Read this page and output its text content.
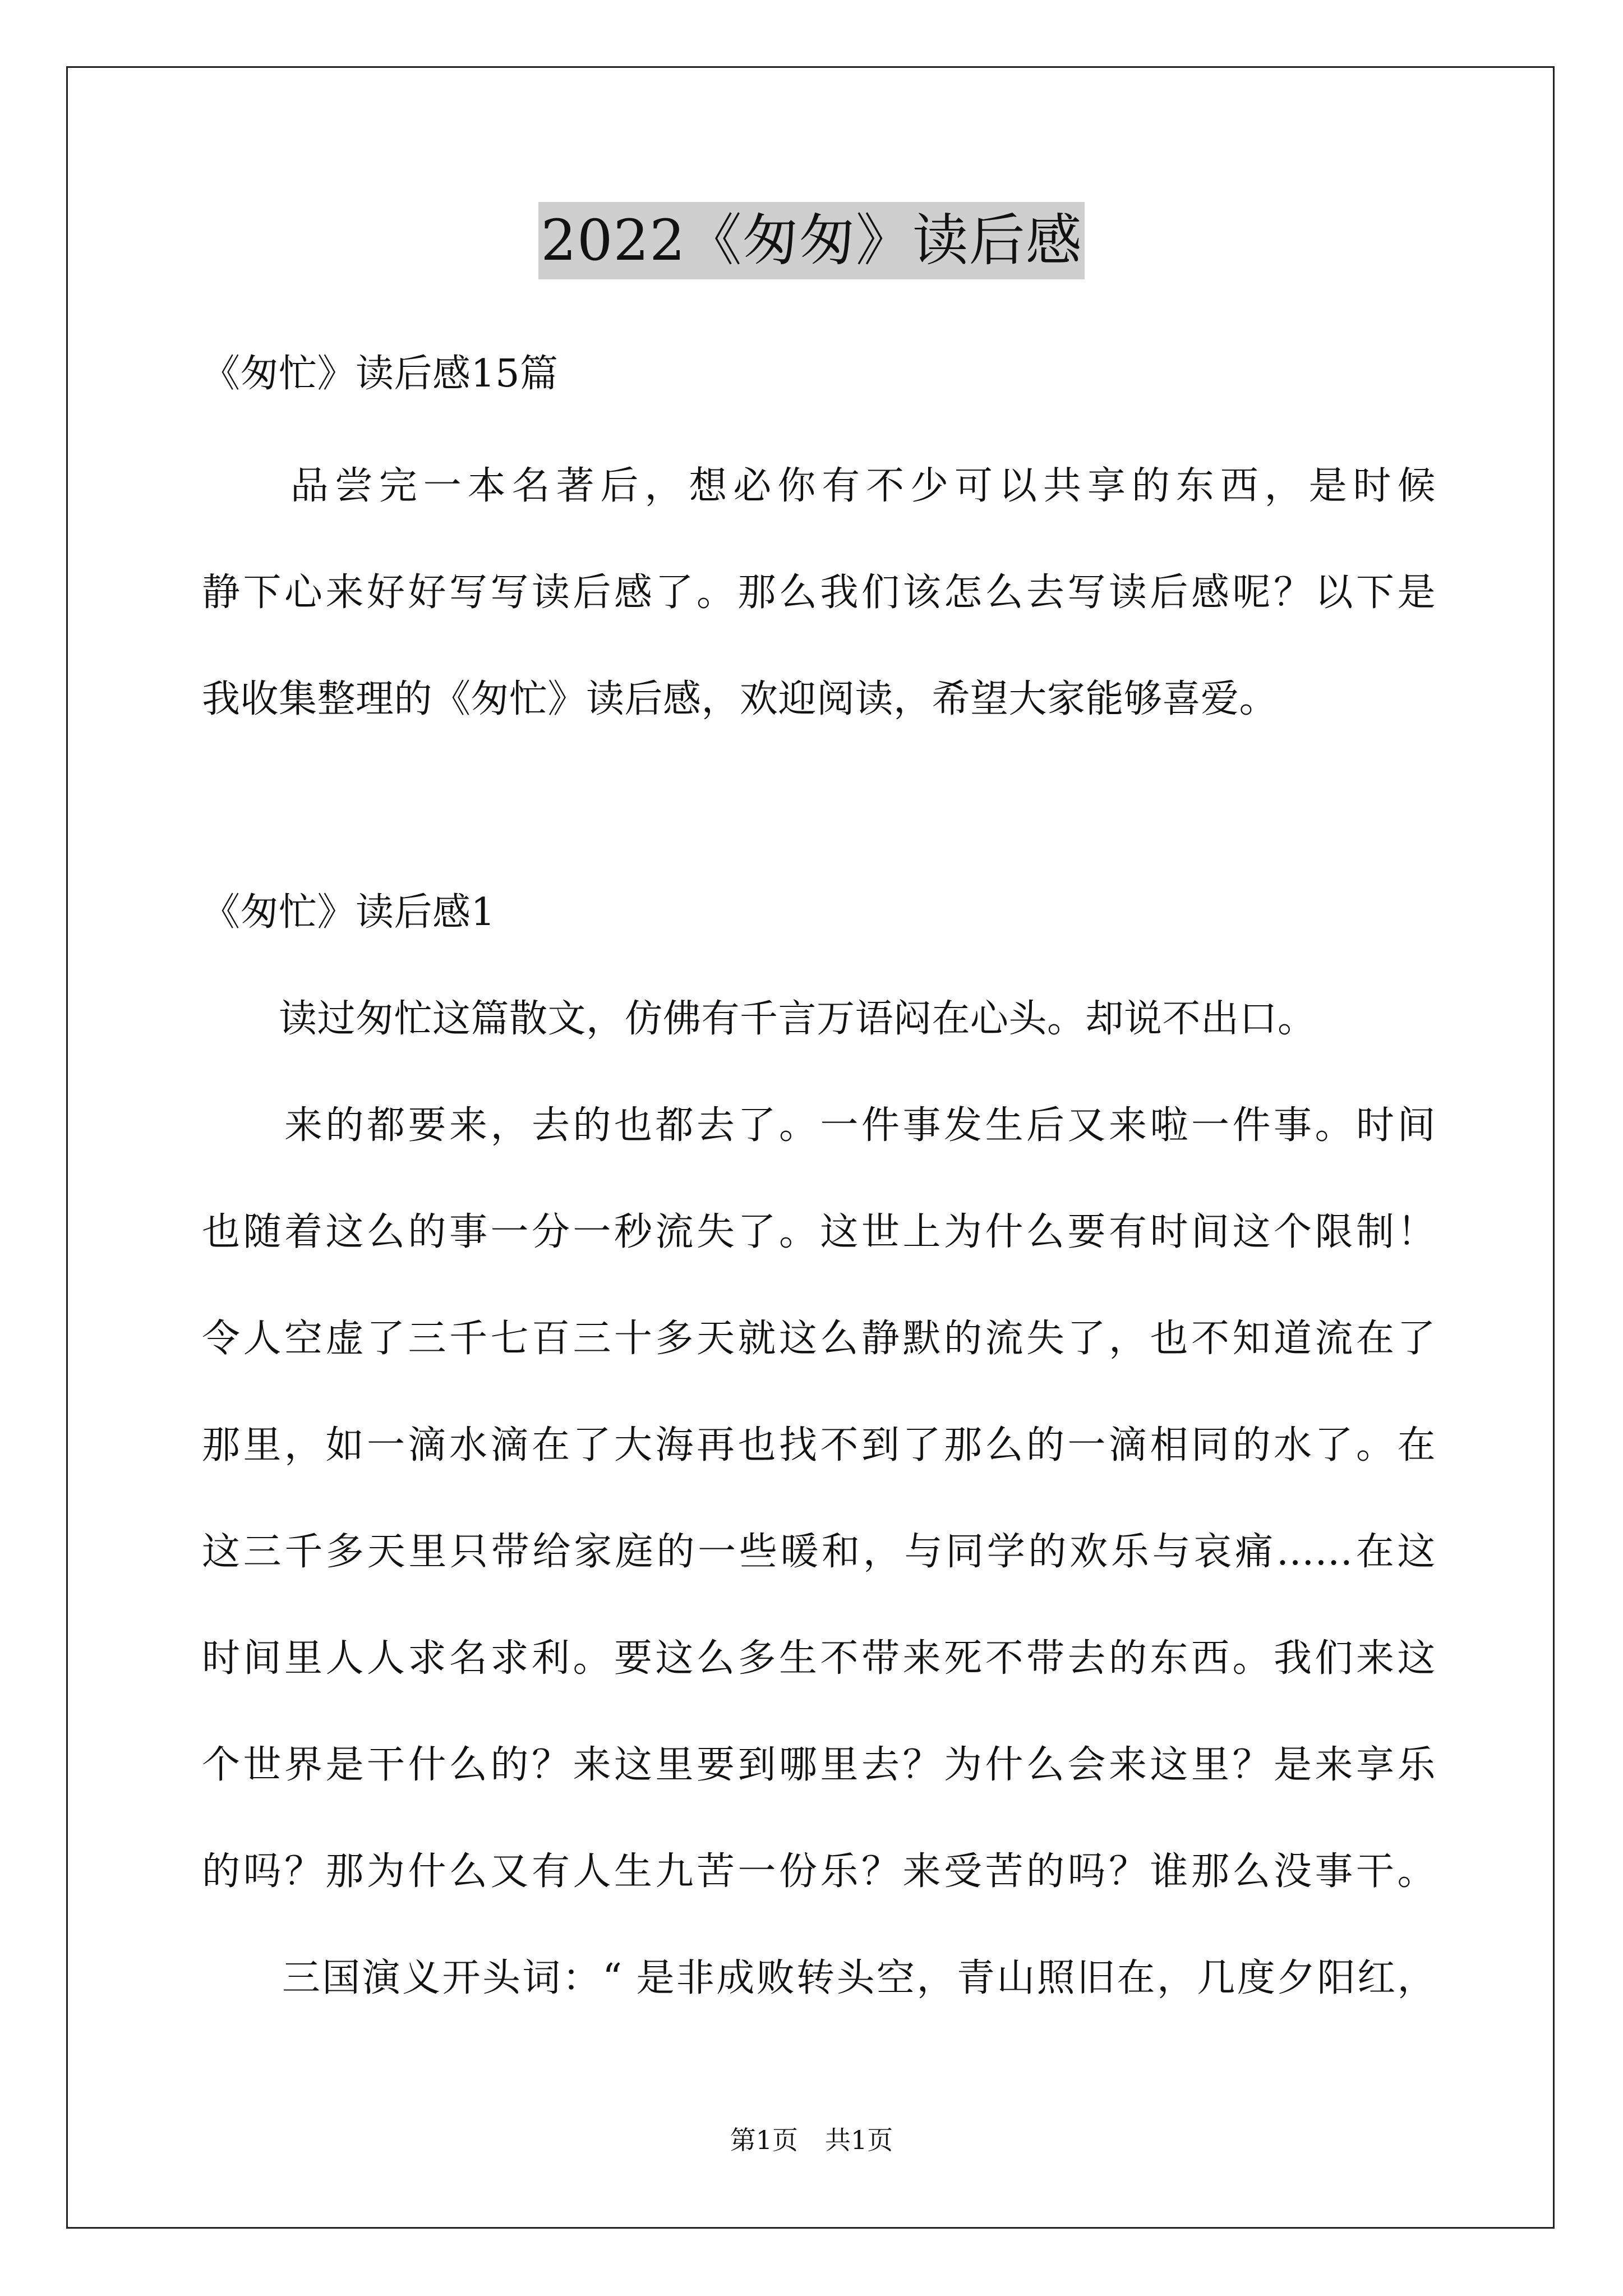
2022《匆匆》读后感
《匆忙》读后感15篇
　　品尝完一本名著后，想必你有不少可以共享的东西，是时候
静下心来好好写写读后感了。那么我们该怎么去写读后感呢？以下是
我收集整理的《匆忙》读后感，欢迎阅读，希望大家能够喜爱。
《匆忙》读后感1
　　读过匆忙这篇散文，仿佛有千言万语闷在心头。却说不出口。
　　来的都要来，去的也都去了。一件事发生后又来啦一件事。时间
也随着这么的事一分一秒流失了。这世上为什么要有时间这个限制！
令人空虚了三千七百三十多天就这么静默的流失了，也不知道流在了
那里，如一滴水滴在了大海再也找不到了那么的一滴相同的水了。在
这三千多天里只带给家庭的一些暖和，与同学的欢乐与哀痛……在这
时间里人人求名求利。要这么多生不带来死不带去的东西。我们来这
个世界是干什么的？来这里要到哪里去？为什么会来这里？是来享乐
的吗？那为什么又有人生九苦一份乐？来受苦的吗？谁那么没事干。
　　三国演义开头词：“ 是非成败转头空，青山照旧在，几度夕阳红，
第1页 共1页
